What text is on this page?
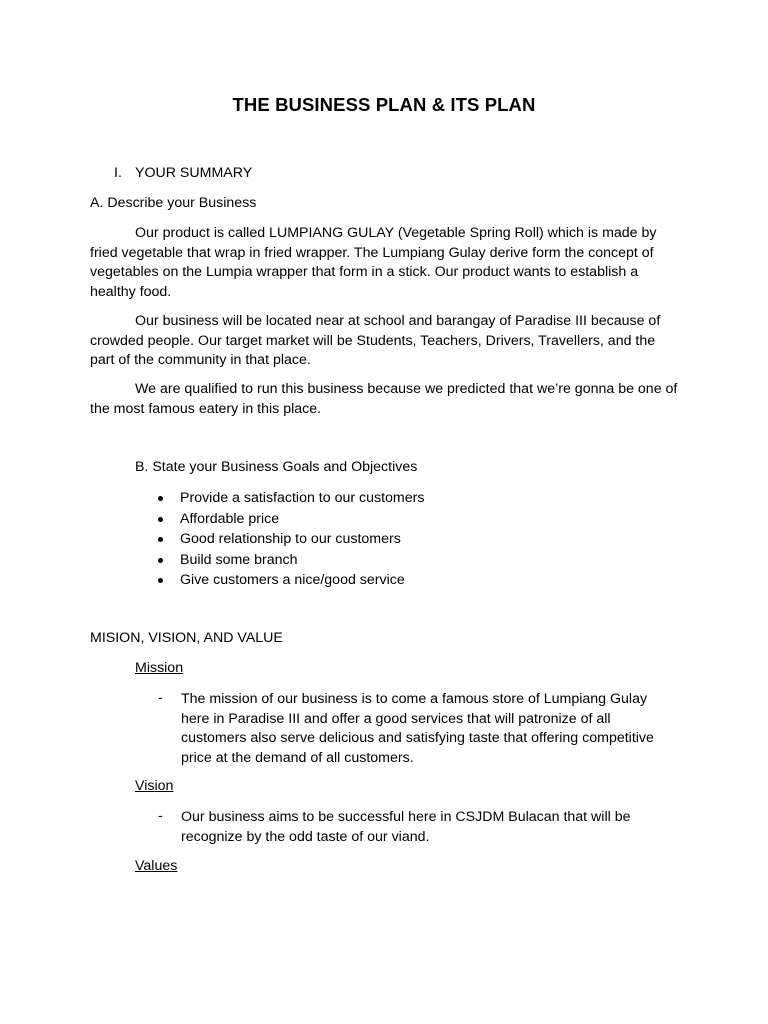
THE BUSINESS PLAN & ITS PLAN
I. YOUR SUMMARY
A. Describe your Business

Our product is called LUMPIANG GULAY (Vegetable Spring Roll) which is made by fried vegetable that wrap in fried wrapper. The Lumpiang Gulay derive form the concept of vegetables on the Lumpia wrapper that form in a stick. Our product wants to establish a healthy food.

Our business will be located near at school and barangay of Paradise III because of crowded people. Our target market will be Students, Teachers, Drivers, Travellers, and the part of the community in that place.

We are qualified to run this business because we predicted that we’re gonna be one of the most famous eatery in this place.

B. State your Business Goals and Objectives
Provide a satisfaction to our customers
Affordable price
Good relationship to our customers
Build some branch
Give customers a nice/good service
MISION, VISION, AND VALUE
Mission
- The mission of our business is to come a famous store of Lumpiang Gulay here in Paradise III and offer a good services that will patronize of all customers also serve delicious and satisfying taste that offering competitive price at the demand of all customers.
Vision
- Our business aims to be successful here in CSJDM Bulacan that will be recognize by the odd taste of our viand.
Values
